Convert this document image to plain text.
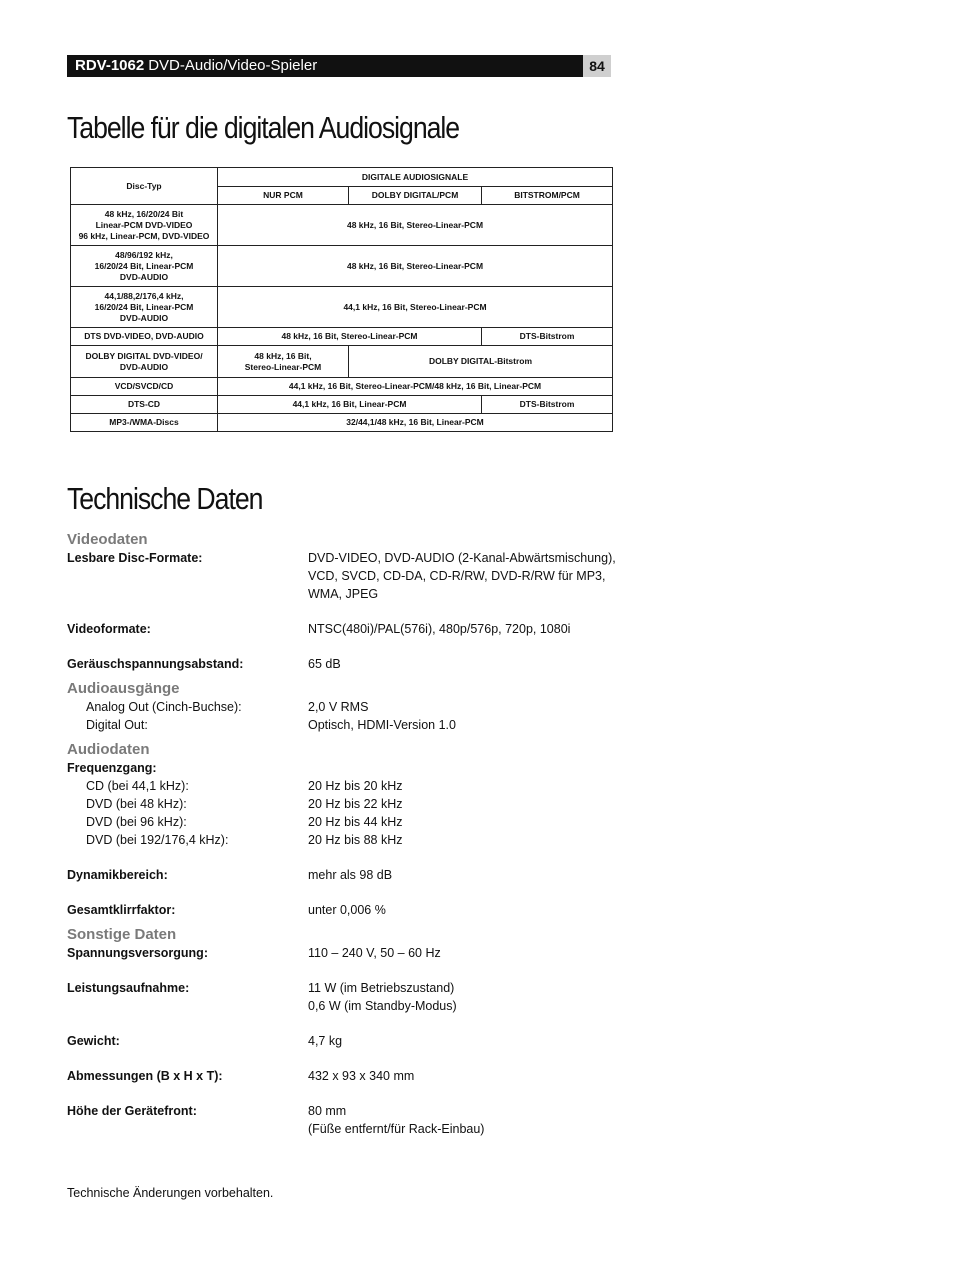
RDV-1062 DVD-Audio/Video-Spieler	84
Tabelle für die digitalen Audiosignale
Disc-Typ	DIGITALE AUDIOSIGNALE		
	NUR PCM	DOLBY DIGITAL/PCM	BITSTROM/PCM
48 kHz, 16/20/24 Bit
Linear-PCM DVD-VIDEO
96 kHz, Linear-PCM, DVD-VIDEO	48 kHz, 16 Bit, Stereo-Linear-PCM		
48/96/192 kHz,
16/20/24 Bit, Linear-PCM
DVD-AUDIO	48 kHz, 16 Bit, Stereo-Linear-PCM		
44,1/88,2/176,4 kHz,
16/20/24 Bit, Linear-PCM
DVD-AUDIO	44,1 kHz, 16 Bit, Stereo-Linear-PCM		
DTS DVD-VIDEO, DVD-AUDIO	48 kHz, 16 Bit, Stereo-Linear-PCM		DTS-Bitstrom
DOLBY DIGITAL DVD-VIDEO/
DVD-AUDIO	48 kHz, 16 Bit,
Stereo-Linear-PCM	DOLBY DIGITAL-Bitstrom	
VCD/SVCD/CD	44,1 kHz, 16 Bit, Stereo-Linear-PCM/48 kHz, 16 Bit, Linear-PCM		
DTS-CD	44,1 kHz, 16 Bit, Linear-PCM		DTS-Bitstrom
MP3-/WMA-Discs	32/44,1/48 kHz, 16 Bit, Linear-PCM		
Technische Daten
Videodaten
Lesbare Disc-Formate:	DVD-VIDEO, DVD-AUDIO (2-Kanal-Abwärtsmischung),
VCD, SVCD, CD-DA, CD-R/RW, DVD-R/RW für MP3,
WMA, JPEG
Videoformate:	NTSC(480i)/PAL(576i), 480p/576p, 720p, 1080i
Geräuschspannungsabstand:	65 dB
Audioausgänge
Analog Out (Cinch-Buchse):	2,0 V RMS
Digital Out:	Optisch, HDMI-Version 1.0
Audiodaten
Frequenzgang:
CD (bei 44,1 kHz):	20 Hz bis 20 kHz
DVD (bei 48 kHz):	20 Hz bis 22 kHz
DVD (bei 96 kHz):	20 Hz bis 44 kHz
DVD (bei 192/176,4 kHz):	20 Hz bis 88 kHz
Dynamikbereich:	mehr als 98 dB
Gesamtklirrfaktor:	unter 0,006 %
Sonstige Daten
Spannungsversorgung:	110 – 240 V, 50 – 60 Hz
Leistungsaufnahme:	11 W (im Betriebszustand)
0,6 W (im Standby-Modus)
Gewicht:	4,7 kg
Abmessungen (B x H x T):	432 x 93 x 340 mm
Höhe der Gerätefront:	80 mm
(Füße entfernt/für Rack-Einbau)
Technische Änderungen vorbehalten.
